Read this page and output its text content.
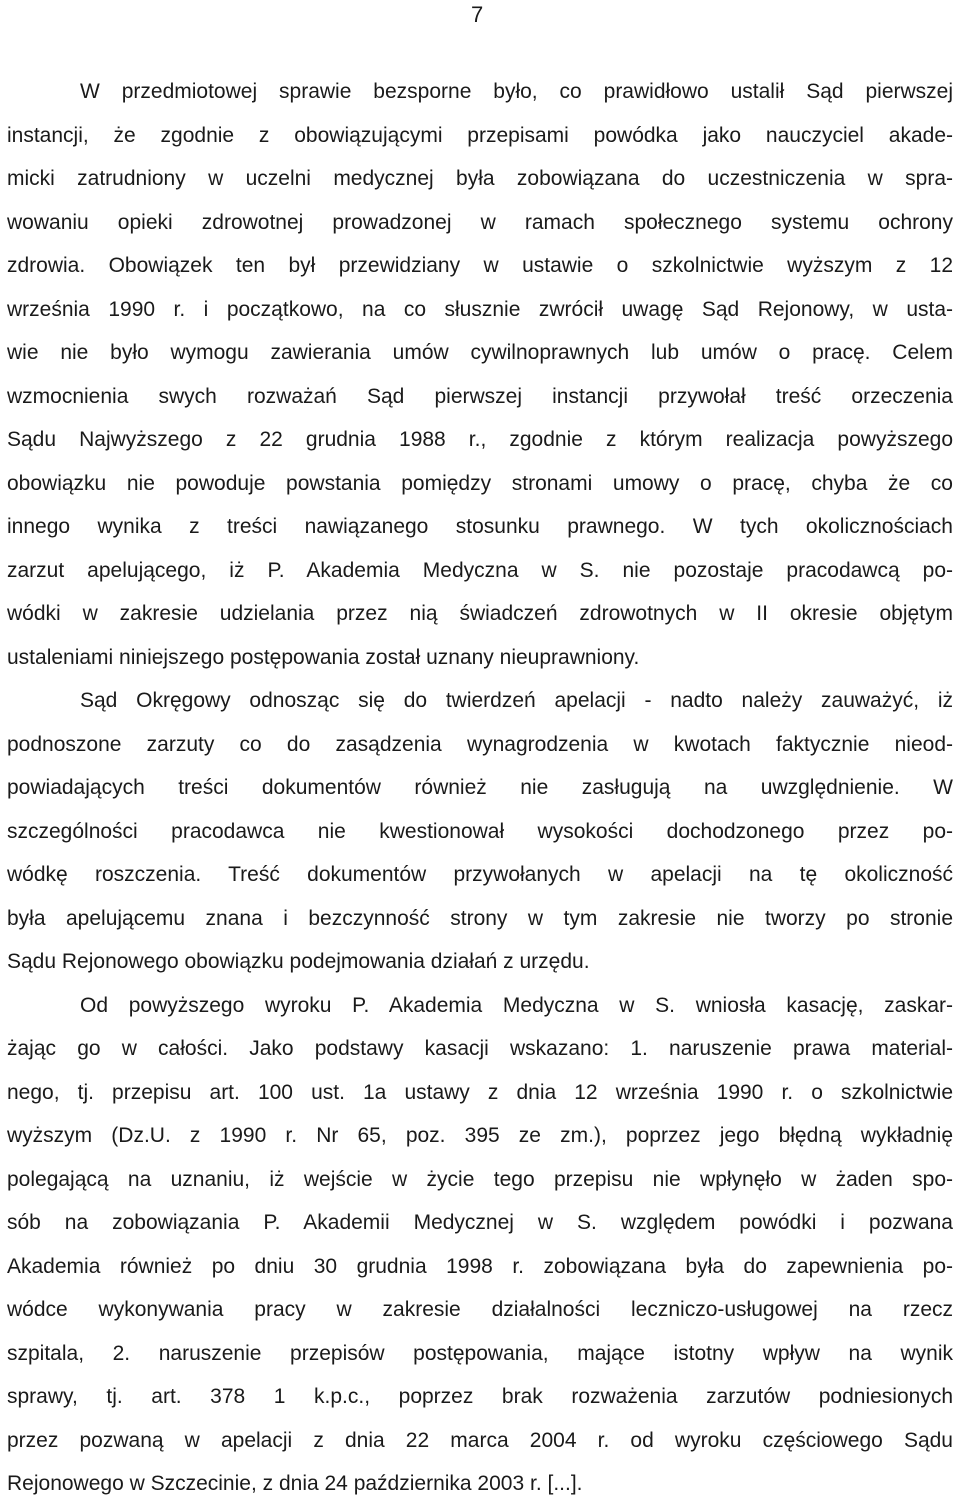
7
W przedmiotowej sprawie bezsporne było, co prawidłowo ustalił Sąd pierwszej
instancji, że zgodnie z obowiązującymi przepisami powódka jako nauczyciel akade-
micki zatrudniony w uczelni medycznej była zobowiązana do uczestniczenia w spra-
wowaniu opieki zdrowotnej prowadzonej w ramach społecznego systemu ochrony
zdrowia. Obowiązek ten był przewidziany w ustawie o szkolnictwie wyższym z 12
września 1990 r. i początkowo, na co słusznie zwrócił uwagę Sąd Rejonowy, w usta-
wie nie było wymogu zawierania umów cywilnoprawnych lub umów o pracę. Celem
wzmocnienia swych rozważań Sąd pierwszej instancji przywołał treść orzeczenia
Sądu Najwyższego z 22 grudnia 1988 r., zgodnie z którym realizacja powyższego
obowiązku nie powoduje powstania pomiędzy stronami umowy o pracę, chyba że co
innego wynika z treści nawiązanego stosunku prawnego. W tych okolicznościach
zarzut apelującego, iż P. Akademia Medyczna w S. nie pozostaje pracodawcą po-
wódki w zakresie udzielania przez nią świadczeń zdrowotnych w II okresie objętym
ustaleniami niniejszego postępowania został uznany nieuprawniony.
Sąd Okręgowy odnosząc się do twierdzeń apelacji - nadto należy zauważyć, iż
podnoszone zarzuty co do zasądzenia wynagrodzenia w kwotach faktycznie nieod-
powiadających treści dokumentów również nie zasługują na uwzględnienie. W
szczególności pracodawca nie kwestionował wysokości dochodzonego przez po-
wódkę roszczenia. Treść dokumentów przywołanych w apelacji na tę okoliczność
była apelującemu znana i bezczynność strony w tym zakresie nie tworzy po stronie
Sądu Rejonowego obowiązku podejmowania działań z urzędu.
Od powyższego wyroku P. Akademia Medyczna w S. wniosła kasację, zaskar-
żając go w całości. Jako podstawy kasacji wskazano: 1. naruszenie prawa material-
nego, tj. przepisu art. 100 ust. 1a ustawy z dnia 12 września 1990 r. o szkolnictwie
wyższym (Dz.U. z 1990 r. Nr 65, poz. 395 ze zm.), poprzez jego błędną wykładnię
polegającą na uznaniu, iż wejście w życie tego przepisu nie wpłynęło w żaden spo-
sób na zobowiązania P. Akademii Medycznej w S. względem powódki i pozwana
Akademia również po dniu 30 grudnia 1998 r. zobowiązana była do zapewnienia po-
wódce wykonywania pracy w zakresie działalności leczniczo-usługowej na rzecz
szpitala, 2. naruszenie przepisów postępowania, mające istotny wpływ na wynik
sprawy, tj. art. 378 1 k.p.c., poprzez brak rozważenia zarzutów podniesionych
przez pozwaną w apelacji z dnia 22 marca 2004 r. od wyroku częściowego Sądu
Rejonowego w Szczecinie, z dnia 24 października 2003 r. [...].
